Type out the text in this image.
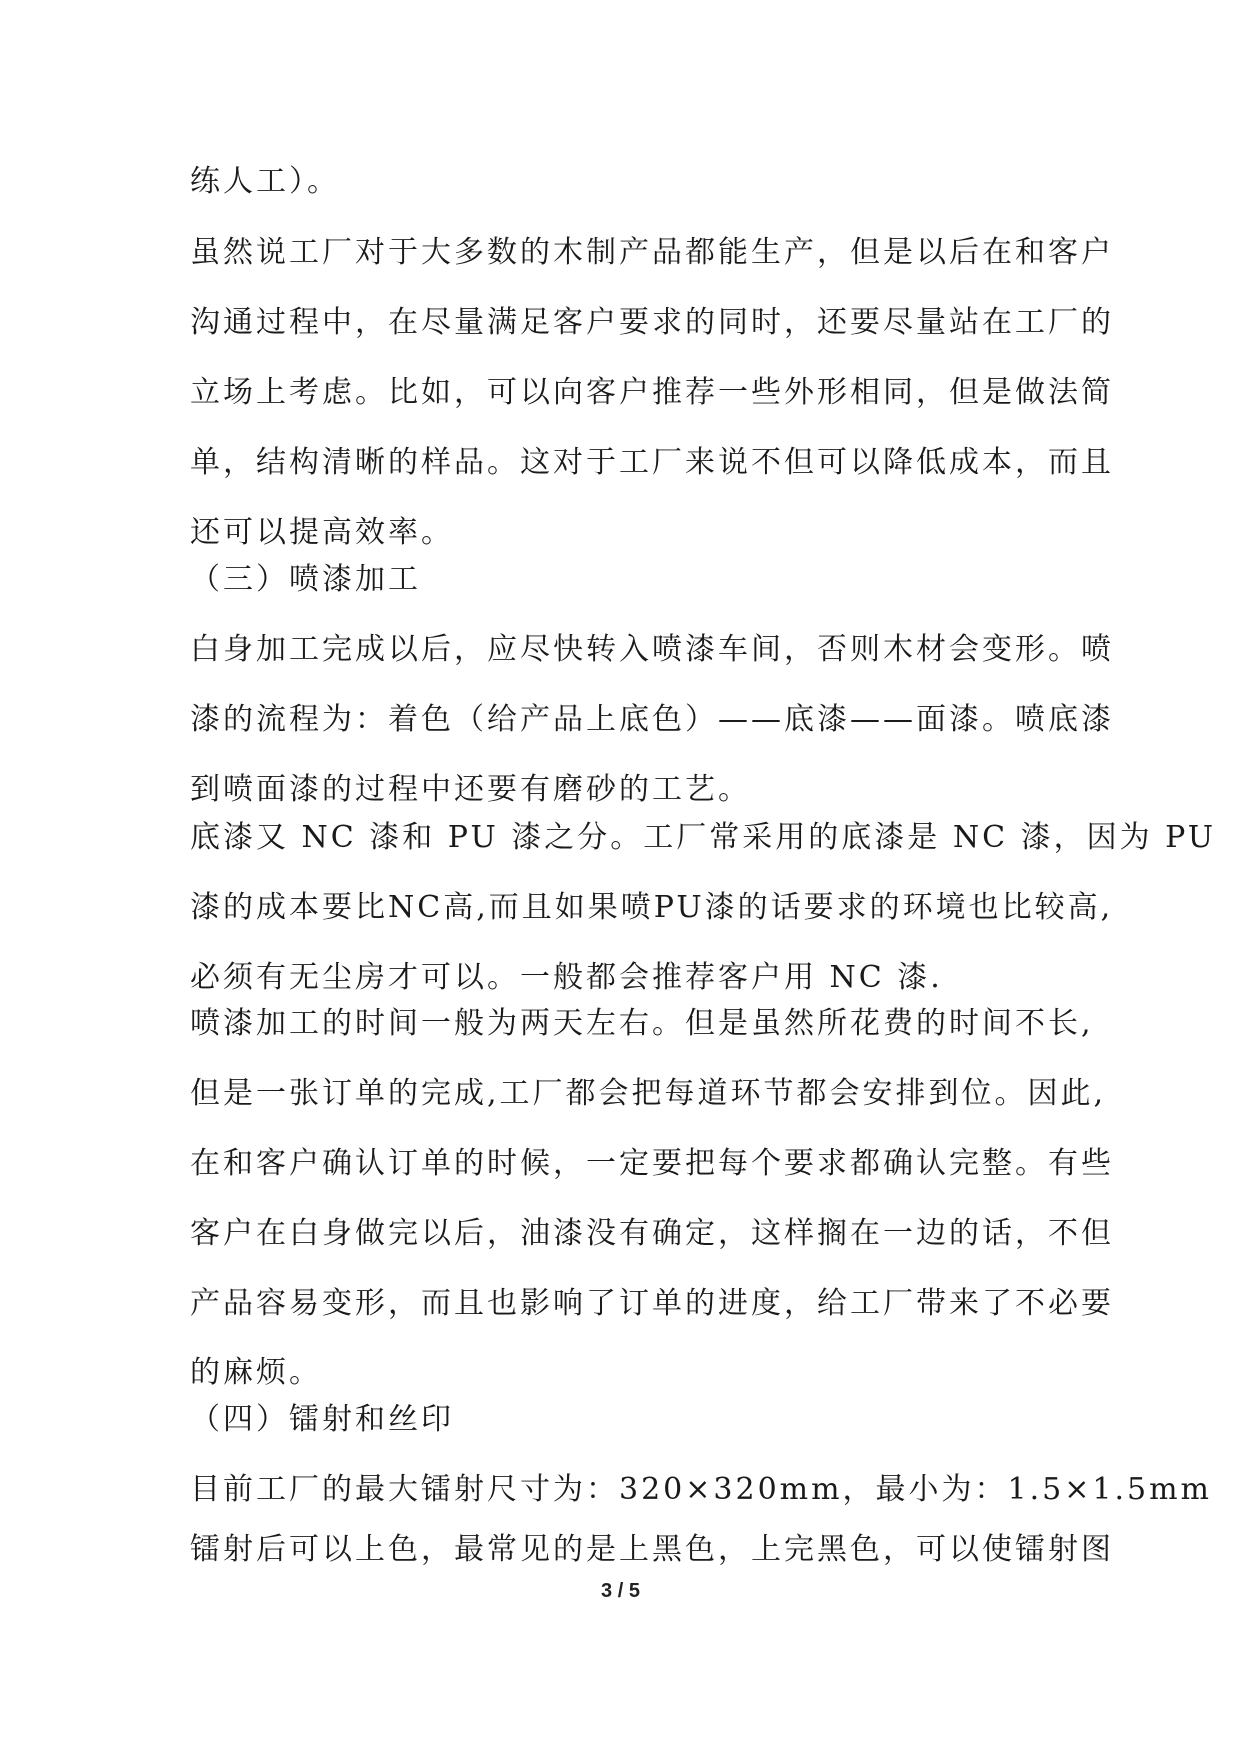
练人工）。
虽然说工厂对于大多数的木制产品都能生产，但是以后在和客户
沟通过程中，在尽量满足客户要求的同时，还要尽量站在工厂的
立场上考虑。比如，可以向客户推荐一些外形相同，但是做法简
单，结构清晰的样品。这对于工厂来说不但可以降低成本，而且
还可以提高效率。
（三）喷漆加工
白身加工完成以后，应尽快转入喷漆车间，否则木材会变形。喷
漆的流程为：着色（给产品上底色）——底漆——面漆。喷底漆
到喷面漆的过程中还要有磨砂的工艺。
底漆又 NC 漆和 PU 漆之分。工厂常采用的底漆是 NC 漆，因为 PU
漆的成本要比NC高,而且如果喷PU漆的话要求的环境也比较高,
必须有无尘房才可以。一般都会推荐客户用 NC 漆.
喷漆加工的时间一般为两天左右。但是虽然所花费的时间不长,
但是一张订单的完成,工厂都会把每道环节都会安排到位。因此,
在和客户确认订单的时候，一定要把每个要求都确认完整。有些
客户在白身做完以后，油漆没有确定，这样搁在一边的话，不但
产品容易变形，而且也影响了订单的进度，给工厂带来了不必要
的麻烦。
（四）镭射和丝印
目前工厂的最大镭射尺寸为：320×320mm，最小为：1.5×1.5mm
镭射后可以上色，最常见的是上黑色，上完黑色，可以使镭射图
3 / 5
